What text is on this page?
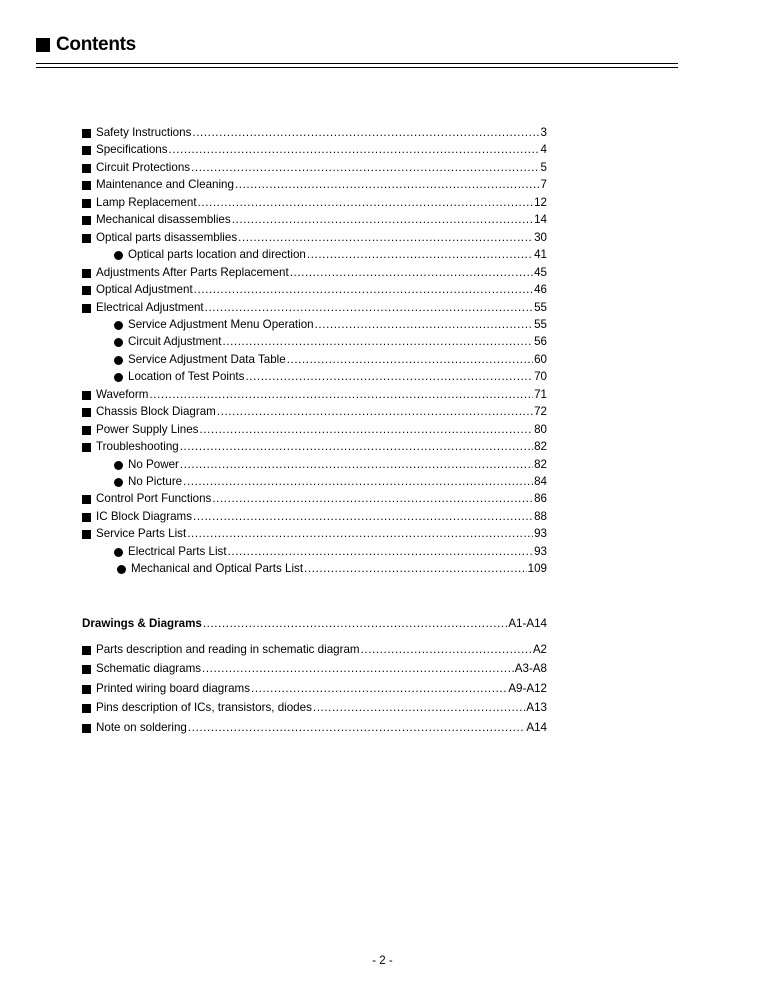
Contents
Safety Instructions .....	3
Specifications .....	4
Circuit Protections .....	5
Maintenance and Cleaning .....	7
Lamp Replacement .....	12
Mechanical disassemblies .....	14
Optical parts disassemblies .....	30
Optical parts location and direction .....	41
Adjustments After Parts Replacement .....	45
Optical Adjustment .....	46
Electrical Adjustment .....	55
Service Adjustment Menu Operation .....	55
Circuit Adjustment .....	56
Service Adjustment Data Table .....	60
Location of Test Points .....	70
Waveform .....	71
Chassis Block Diagram .....	72
Power Supply Lines .....	80
Troubleshooting .....	82
No Power .....	82
No Picture .....	84
Control Port Functions .....	86
IC Block Diagrams .....	88
Service Parts List .....	93
Electrical Parts List .....	93
Mechanical and Optical Parts List .....	109
Drawings & Diagrams .....	A1-A14
Parts description and reading in schematic diagram .....	A2
Schematic diagrams .....	A3-A8
Printed wiring board diagrams .....	A9-A12
Pins description of ICs, transistors, diodes .....	A13
Note on soldering .....	A14
- 2 -
